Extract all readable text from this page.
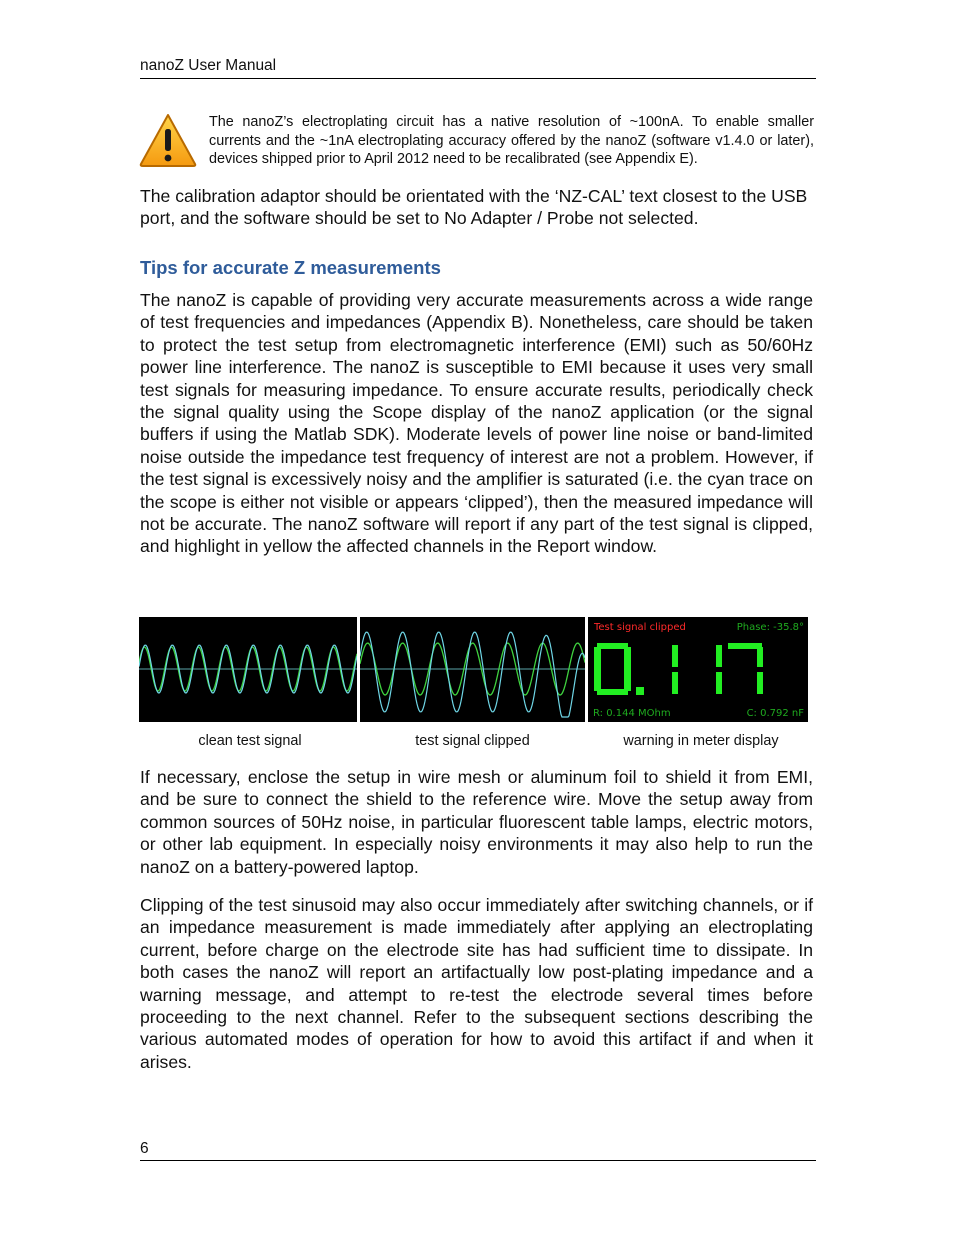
nanoZ User Manual
The nanoZ’s electroplating circuit has a native resolution of ~100nA. To enable smaller currents and the ~1nA electroplating accuracy offered by the nanoZ (software v1.4.0 or later), devices shipped prior to April 2012 need to be recalibrated (see Appendix E).

The calibration adaptor should be orientated with the ‘NZ-CAL’ text closest to the USB port, and the software should be set to No Adapter / Probe not selected.

Tips for accurate Z measurements

The nanoZ is capable of providing very accurate measurements across a wide range of test frequencies and impedances (Appendix B). Nonetheless, care should be taken to protect the test setup from electromagnetic interference (EMI) such as 50/60Hz power line interference. The nanoZ is susceptible to EMI because it uses very small test signals for measuring impedance. To ensure accurate results, periodically check the signal quality using the Scope display of the nanoZ application (or the signal buffers if using the Matlab SDK). Moderate levels of power line noise or band-limited noise outside the impedance test frequency of interest are not a problem. However, if the test signal is excessively noisy and the amplifier is saturated (i.e. the cyan trace on the scope is either not visible or appears ‘clipped’), then the measured impedance will not be accurate. The nanoZ software will report if any part of the test signal is clipped, and highlight in yellow the affected channels in the Report window.

Test signal clipped	Phase: -35.8°
R: 0.144 MOhm	C: 0.792 nF
clean test signal	test signal clipped	warning in meter display

If necessary, enclose the setup in wire mesh or aluminum foil to shield it from EMI, and be sure to connect the shield to the reference wire. Move the setup away from common sources of 50Hz noise, in particular fluorescent table lamps, electric motors, or other lab equipment. In especially noisy environments it may also help to run the nanoZ on a battery-powered laptop.

Clipping of the test sinusoid may also occur immediately after switching channels, or if an impedance measurement is made immediately after applying an electroplating current, before charge on the electrode site has had sufficient time to dissipate. In both cases the nanoZ will report an artifactually low post-plating impedance and a warning message, and attempt to re-test the electrode several times before proceeding to the next channel. Refer to the subsequent sections describing the various automated modes of operation for how to avoid this artifact if and when it arises.

6
